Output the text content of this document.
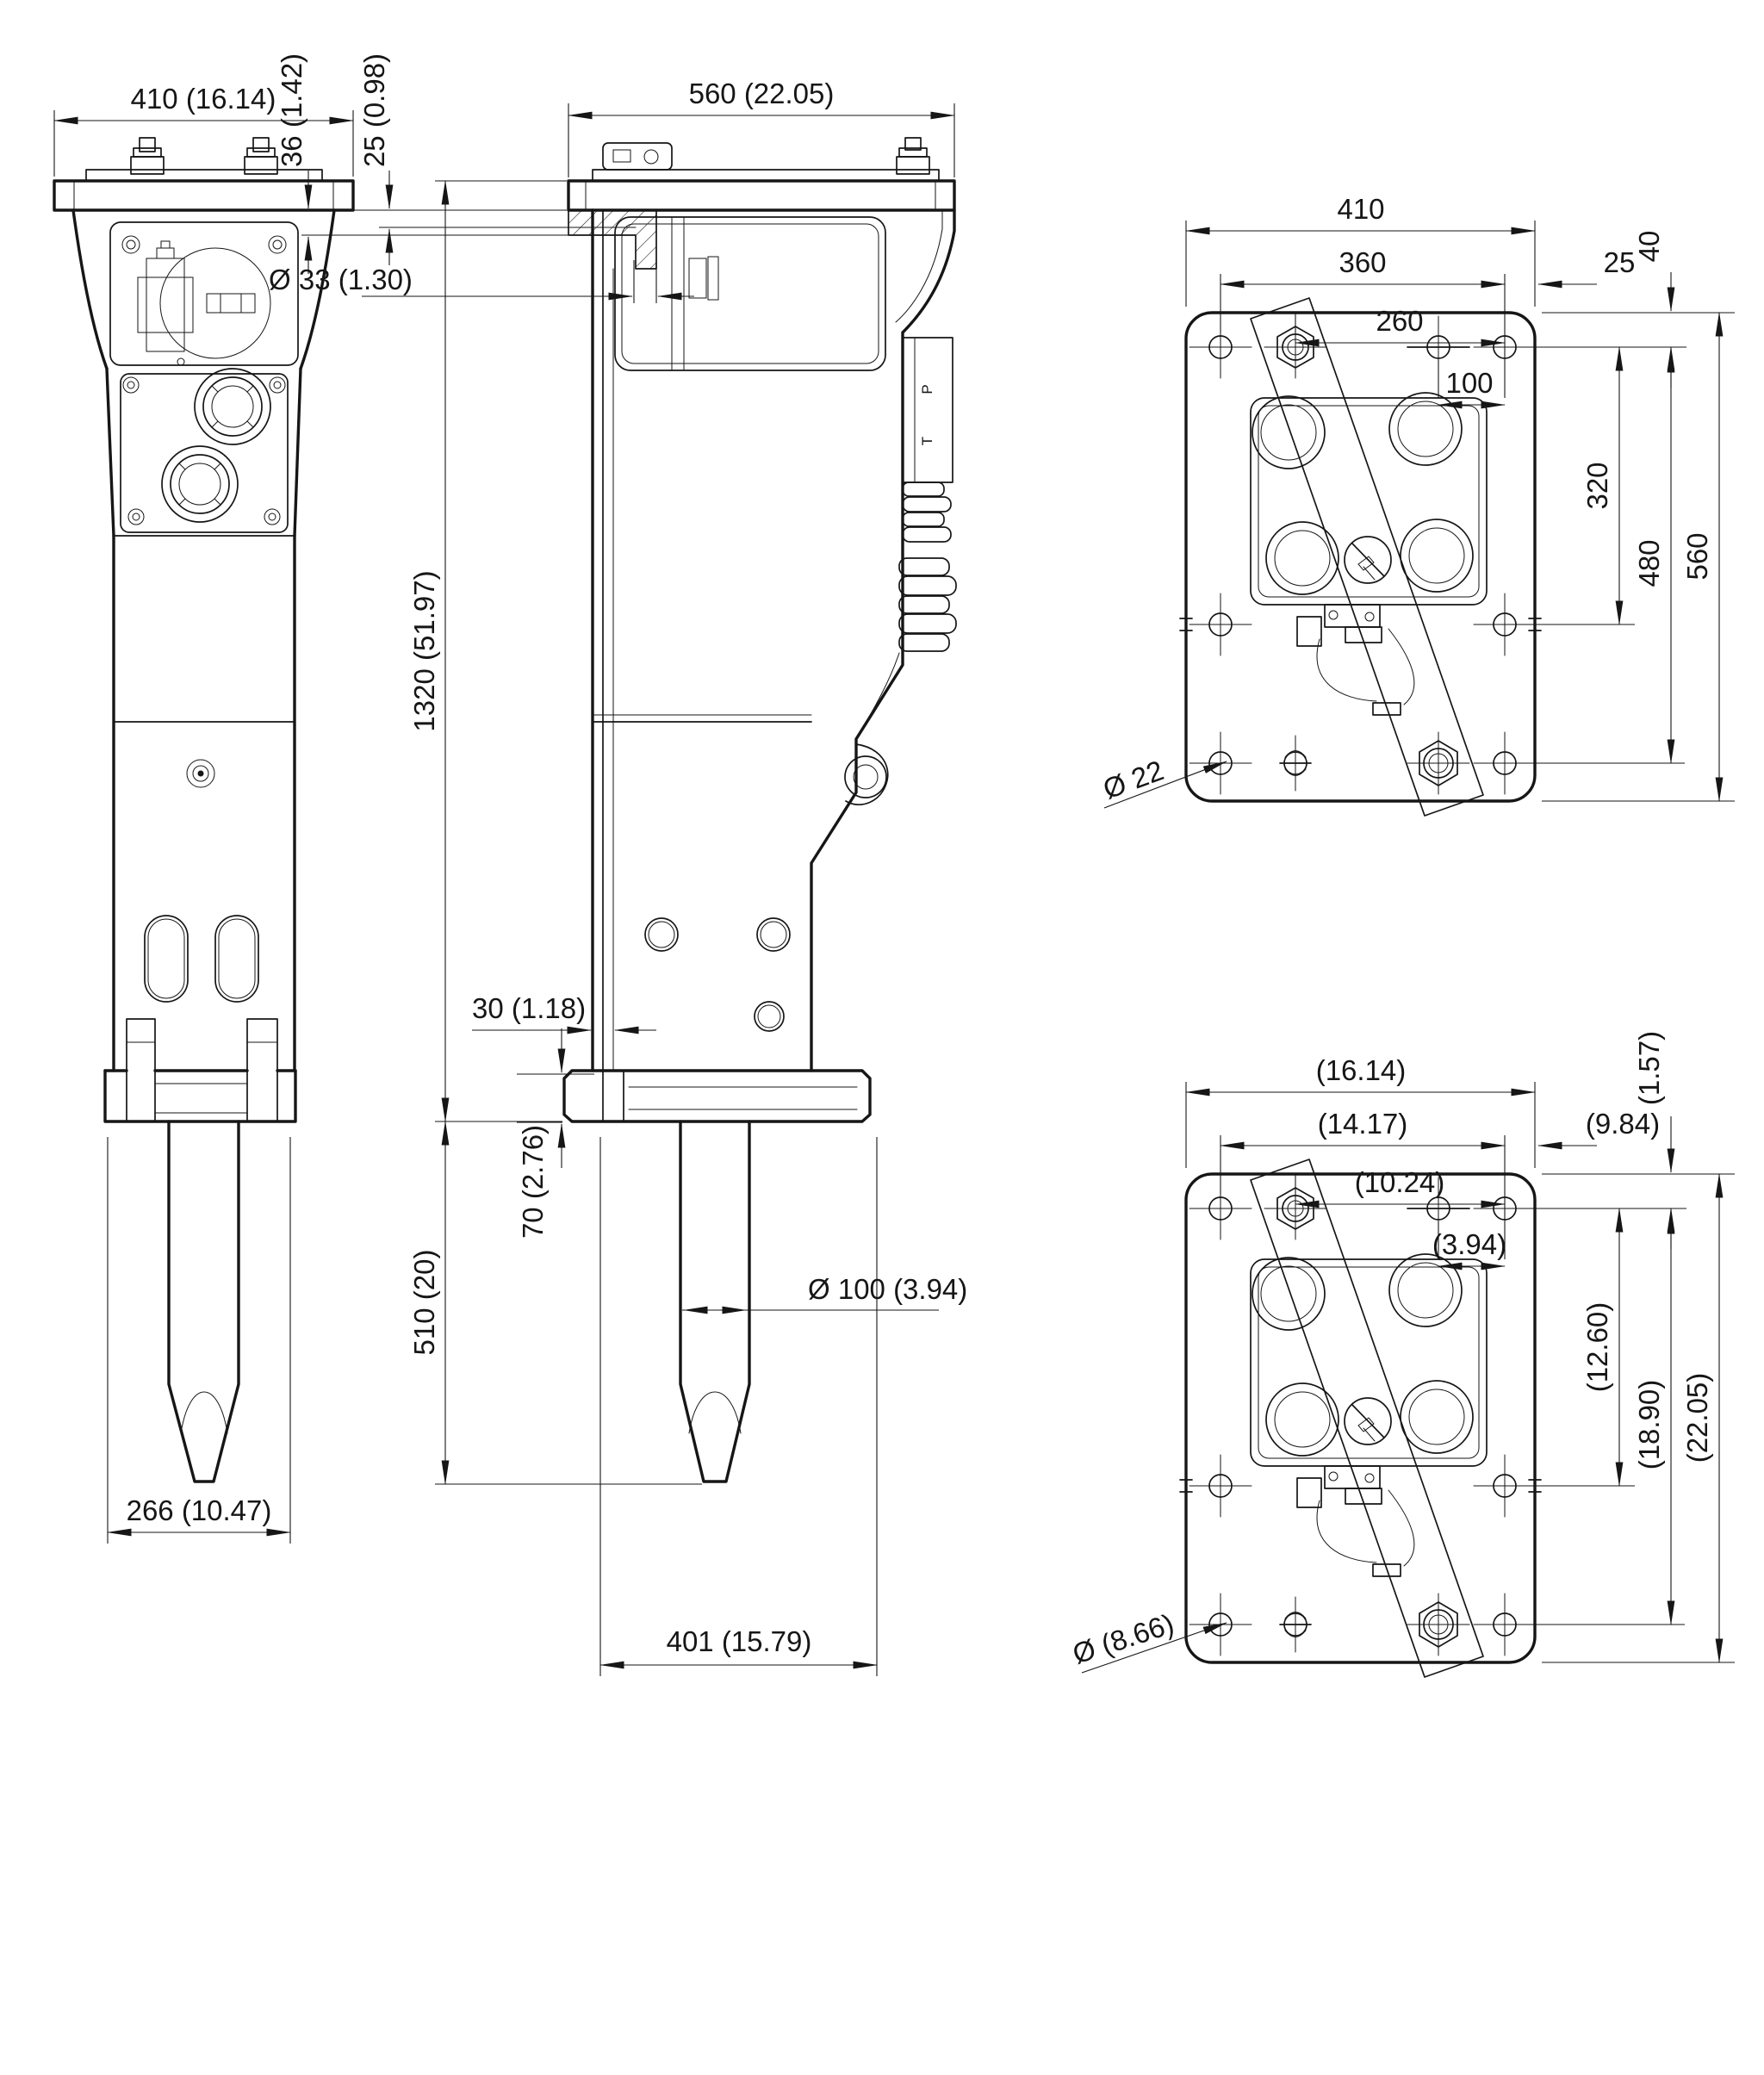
410 (16.14)
266 (10.47)
P
T
560 (22.05)
36 (1.42) 25 (0.98)
Ø 33 (1.30)
1320 (51.97)
510 (20)
30 (1.18)
70 (2.76)
Ø 100 (3.94)
401 (15.79)
410
360	25
260
100
40
320
480 560
Ø 22
(16.14)
(14.17)	(9.84)
(10.24)
(3.94)
(1.57)
(12.60)
(18.90) (22.05)
Ø (8.66)
